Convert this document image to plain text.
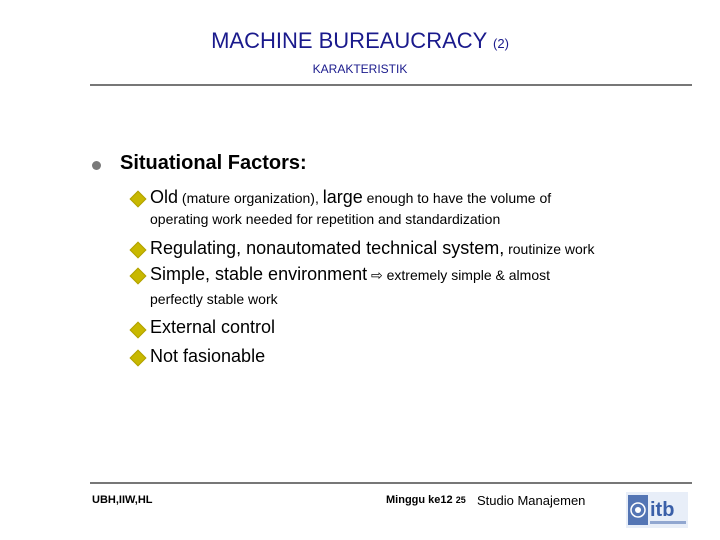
MACHINE BUREAUCRACY (2)
KARAKTERISTIK
Situational Factors:
Old (mature organization), large enough to have the volume of
operating work needed for repetition and standardization
Regulating, nonautomated technical system, routinize work
Simple, stable environment ⇨ extremely simple & almost
perfectly stable work
External control
Not fasionable
UBH,IIW,HL	Minggu ke12 25 Studio Manajemen	itb
